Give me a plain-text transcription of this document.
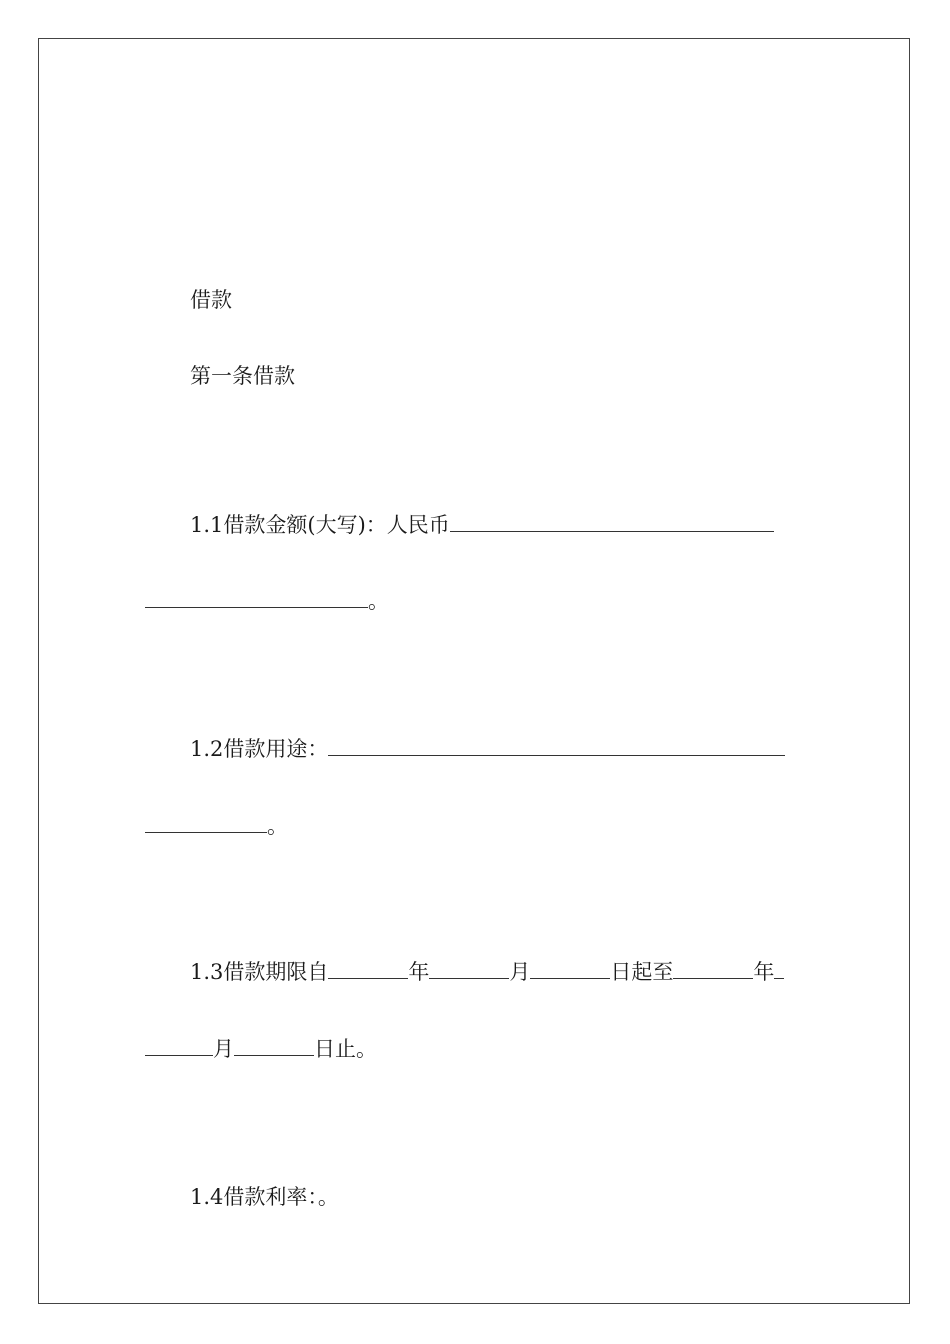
借款
第一条借款
1.1借款金额(大写)：人民币
。
1.2借款用途：
。
1.3借款期限自	年	月	日起至	年
月	日止。
1.4借款利率：。
